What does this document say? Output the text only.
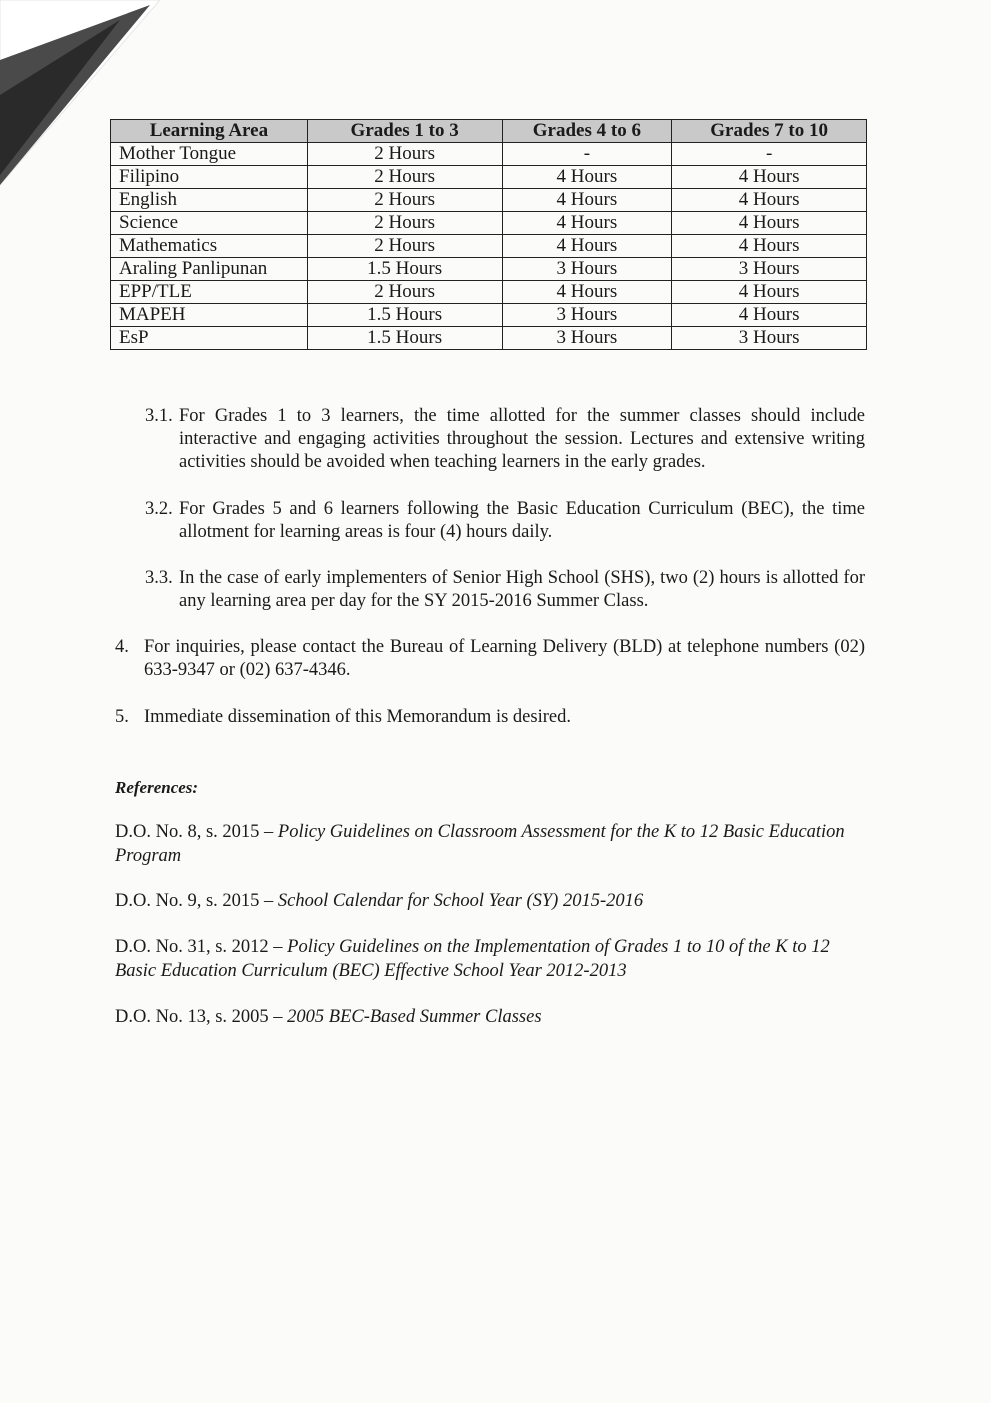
Learning Area	Grades 1 to 3	Grades 4 to 6	Grades 7 to 10
Mother Tongue	2 Hours	-	-
Filipino	2 Hours	4 Hours	4 Hours
English	2 Hours	4 Hours	4 Hours
Science	2 Hours	4 Hours	4 Hours
Mathematics	2 Hours	4 Hours	4 Hours
Araling Panlipunan	1.5 Hours	3 Hours	3 Hours
EPP/TLE	2 Hours	4 Hours	4 Hours
MAPEH	1.5 Hours	3 Hours	4 Hours
EsP	1.5 Hours	3 Hours	3 Hours
3.1. For Grades 1 to 3 learners, the time allotted for the summer classes should include interactive and engaging activities throughout the session. Lectures and extensive writing activities should be avoided when teaching learners in the early grades.
3.2. For Grades 5 and 6 learners following the Basic Education Curriculum (BEC), the time allotment for learning areas is four (4) hours daily.
3.3. In the case of early implementers of Senior High School (SHS), two (2) hours is allotted for any learning area per day for the SY 2015-2016 Summer Class.
4. For inquiries, please contact the Bureau of Learning Delivery (BLD) at telephone numbers (02) 633-9347 or (02) 637-4346.
5. Immediate dissemination of this Memorandum is desired.
References:
D.O. No. 8, s. 2015 – Policy Guidelines on Classroom Assessment for the K to 12 Basic Education Program
D.O. No. 9, s. 2015 – School Calendar for School Year (SY) 2015-2016
D.O. No. 31, s. 2012 – Policy Guidelines on the Implementation of Grades 1 to 10 of the K to 12 Basic Education Curriculum (BEC) Effective School Year 2012-2013
D.O. No. 13, s. 2005 – 2005 BEC-Based Summer Classes
